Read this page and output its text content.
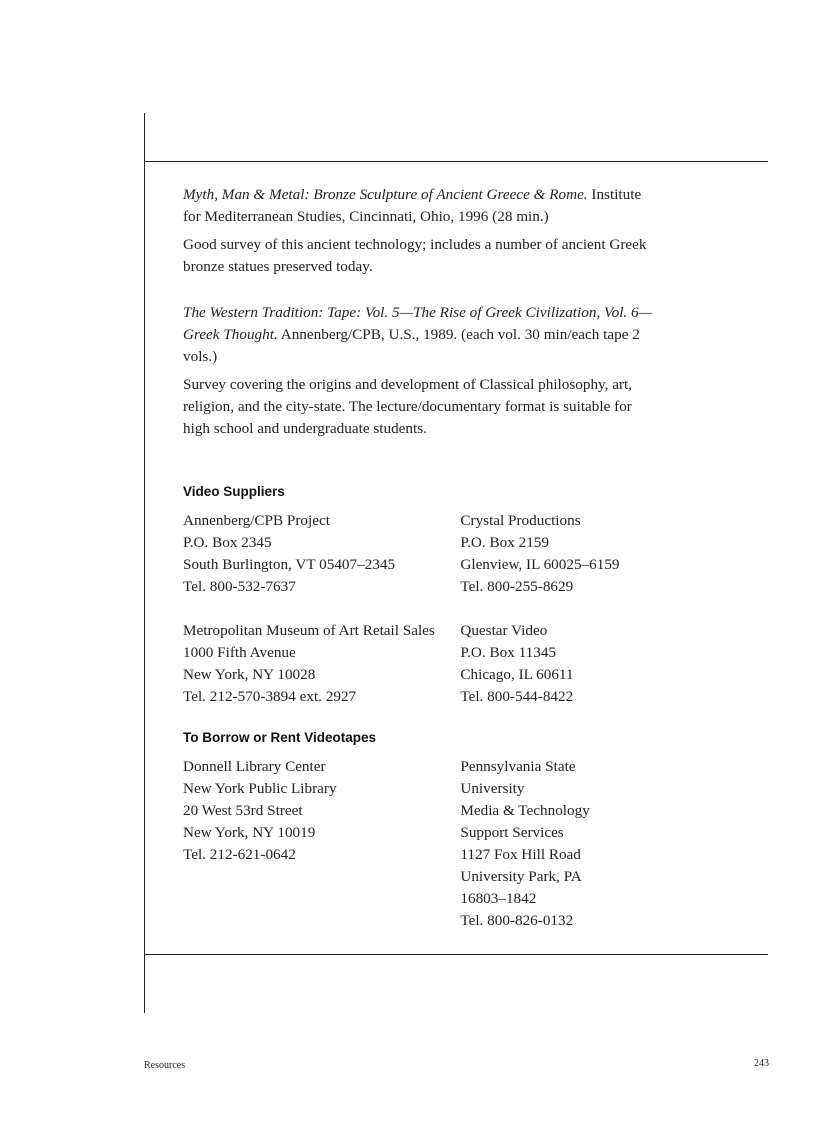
Myth, Man & Metal: Bronze Sculpture of Ancient Greece & Rome. Institute for Mediterranean Studies, Cincinnati, Ohio, 1996 (28 min.)

Good survey of this ancient technology; includes a number of ancient Greek bronze statues preserved today.

The Western Tradition: Tape: Vol. 5—The Rise of Greek Civilization, Vol. 6—Greek Thought. Annenberg/CPB, U.S., 1989. (each vol. 30 min/each tape 2 vols.)

Survey covering the origins and development of Classical philosophy, art, religion, and the city-state. The lecture/documentary format is suitable for high school and undergraduate students.

Video Suppliers
Annenberg/CPB Project
P.O. Box 2345
South Burlington, VT 05407–2345
Tel. 800-532-7637
Metropolitan Museum of Art Retail Sales
1000 Fifth Avenue
New York, NY 10028
Tel. 212-570-3894 ext. 2927
Crystal Productions
P.O. Box 2159
Glenview, IL 60025–6159
Tel. 800-255-8629
Questar Video
P.O. Box 11345
Chicago, IL 60611
Tel. 800-544-8422
To Borrow or Rent Videotapes
Donnell Library Center
New York Public Library
20 West 53rd Street
New York, NY 10019
Tel. 212-621-0642
Pennsylvania State
University
Media & Technology
Support Services
1127 Fox Hill Road
University Park, PA
16803–1842
Tel. 800-826-0132
Resources	243
